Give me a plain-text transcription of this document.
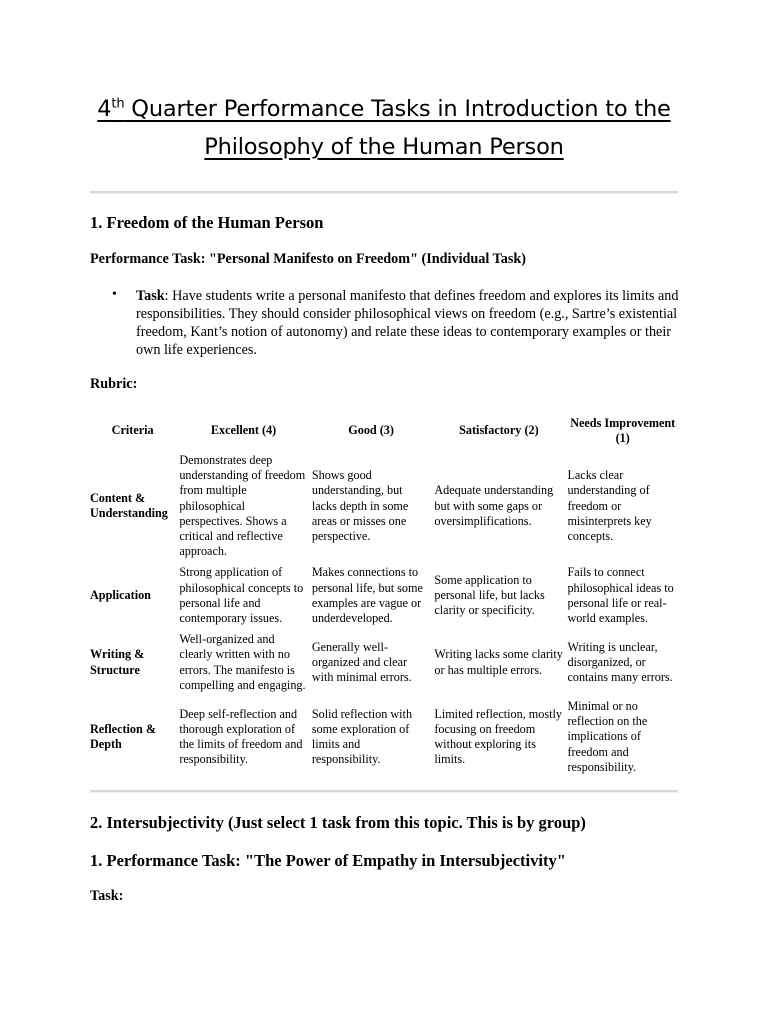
4th Quarter Performance Tasks in Introduction to the
Philosophy of the Human Person
1. Freedom of the Human Person
Performance Task: "Personal Manifesto on Freedom" (Individual Task)
•	Task: Have students write a personal manifesto that defines freedom and explores its limits and responsibilities. They should consider philosophical views on freedom (e.g., Sartre’s existential freedom, Kant’s notion of autonomy) and relate these ideas to contemporary examples or their own life experiences.
Rubric:
Criteria	Excellent (4)	Good (3)	Satisfactory (2)	Needs Improvement (1)
Content & Understanding	Demonstrates deep understanding of freedom from multiple philosophical perspectives. Shows a critical and reflective approach.	Shows good understanding, but lacks depth in some areas or misses one perspective.	Adequate understanding but with some gaps or oversimplifications.	Lacks clear understanding of freedom or misinterprets key concepts.
Application	Strong application of philosophical concepts to personal life and contemporary issues.	Makes connections to personal life, but some examples are vague or underdeveloped.	Some application to personal life, but lacks clarity or specificity.	Fails to connect philosophical ideas to personal life or real-world examples.
Writing & Structure	Well-organized and clearly written with no errors. The manifesto is compelling and engaging.	Generally well-organized and clear with minimal errors.	Writing lacks some clarity or has multiple errors.	Writing is unclear, disorganized, or contains many errors.
Reflection & Depth	Deep self-reflection and thorough exploration of the limits of freedom and responsibility.	Solid reflection with some exploration of limits and responsibility.	Limited reflection, mostly focusing on freedom without exploring its limits.	Minimal or no reflection on the implications of freedom and responsibility.
2. Intersubjectivity (Just select 1 task from this topic. This is by group)
1. Performance Task: "The Power of Empathy in Intersubjectivity"
Task:
